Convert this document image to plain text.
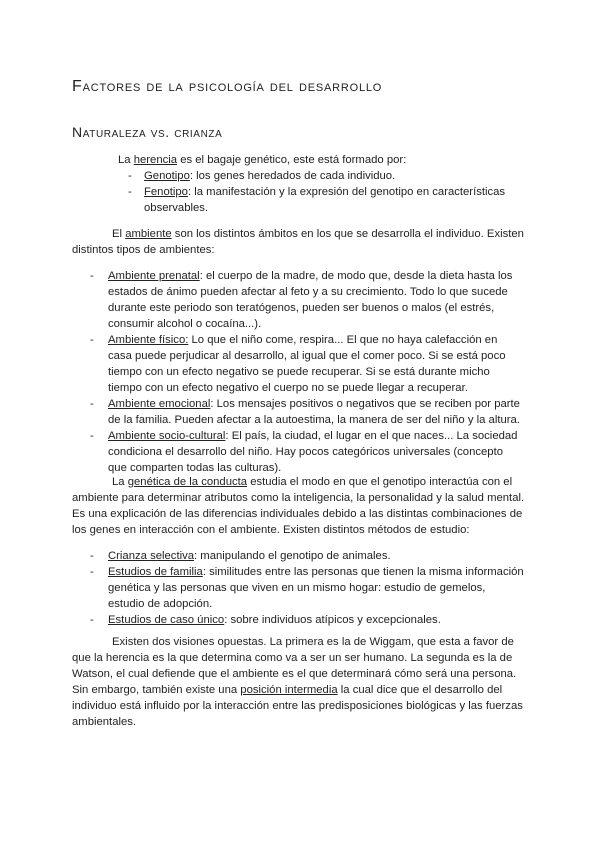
Factores de la psicología del desarrollo
Naturaleza vs. crianza

La herencia es el bagaje genético, este está formado por:

- Genotipo: los genes heredados de cada individuo.
- Fenotipo: la manifestación y la expresión del genotipo en características observables.

El ambiente son los distintos ámbitos en los que se desarrolla el individuo. Existen distintos tipos de ambientes:

- Ambiente prenatal: el cuerpo de la madre, de modo que, desde la dieta hasta los estados de ánimo pueden afectar al feto y a su crecimiento. Todo lo que sucede durante este periodo son teratógenos, pueden ser buenos o malos (el estrés, consumir alcohol o cocaína...).
- Ambiente físico: Lo que el niño come, respira... El que no haya calefacción en casa puede perjudicar al desarrollo, al igual que el comer poco. Si se está poco tiempo con un efecto negativo se puede recuperar. Si se está durante micho tiempo con un efecto negativo el cuerpo no se puede llegar a recuperar.
- Ambiente emocional: Los mensajes positivos o negativos que se reciben por parte de la familia. Pueden afectar a la autoestima, la manera de ser del niño y la altura.
- Ambiente socio-cultural: El país, la ciudad, el lugar en el que naces... La sociedad condiciona el desarrollo del niño. Hay pocos categóricos universales (concepto que comparten todas las culturas).

La genética de la conducta estudia el modo en que el genotipo interactúa con el ambiente para determinar atributos como la inteligencia, la personalidad y la salud mental. Es una explicación de las diferencias individuales debido a las distintas combinaciones de los genes en interacción con el ambiente. Existen distintos métodos de estudio:

- Crianza selectiva: manipulando el genotipo de animales.
- Estudios de familia: similitudes entre las personas que tienen la misma información genética y las personas que viven en un mismo hogar: estudio de gemelos, estudio de adopción.
- Estudios de caso único: sobre individuos atípicos y excepcionales.

Existen dos visiones opuestas. La primera es la de Wiggam, que esta a favor de que la herencia es la que determina como va a ser un ser humano. La segunda es la de Watson, el cual defiende que el ambiente es el que determinará cómo será una persona. Sin embargo, también existe una posición intermedia la cual dice que el desarrollo del individuo está influido por la interacción entre las predisposiciones biológicas y las fuerzas ambientales.
